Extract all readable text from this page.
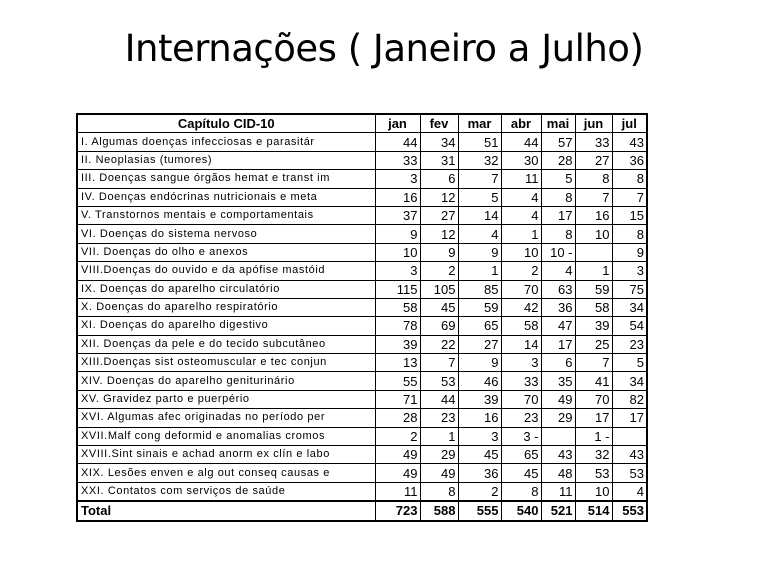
Internações ( Janeiro a Julho)
Capítulo CID-10	jan	fev	mar	abr	mai	jun	jul
I. Algumas doenças infecciosas e parasitár	44	34	51	44	57	33	43
II. Neoplasias (tumores)	33	31	32	30	28	27	36
III. Doenças sangue órgãos hemat e transt im	3	6	7	11	5	8	8
IV. Doenças endócrinas nutricionais e meta	16	12	5	4	8	7	7
V. Transtornos mentais e comportamentais	37	27	14	4	17	16	15
VI. Doenças do sistema nervoso	9	12	4	1	8	10	8
VII. Doenças do olho e anexos	10	9	9	10	10 -		9
VIII.Doenças do ouvido e da apófise mastóid	3	2	1	2	4	1	3
IX. Doenças do aparelho circulatório	115	105	85	70	63	59	75
X. Doenças do aparelho respiratório	58	45	59	42	36	58	34
XI. Doenças do aparelho digestivo	78	69	65	58	47	39	54
XII. Doenças da pele e do tecido subcutâneo	39	22	27	14	17	25	23
XIII.Doenças sist osteomuscular e tec conjun	13	7	9	3	6	7	5
XIV. Doenças do aparelho geniturinário	55	53	46	33	35	41	34
XV. Gravidez parto e puerpério	71	44	39	70	49	70	82
XVI. Algumas afec originadas no período per	28	23	16	23	29	17	17
XVII.Malf cong deformid e anomalias cromos	2	1	3	3 -		1 -	
XVIII.Sint sinais e achad anorm ex clín e labo	49	29	45	65	43	32	43
XIX. Lesões enven e alg out conseq causas e	49	49	36	45	48	53	53
XXI. Contatos com serviços de saúde	11	8	2	8	11	10	4
Total	723	588	555	540	521	514	553
